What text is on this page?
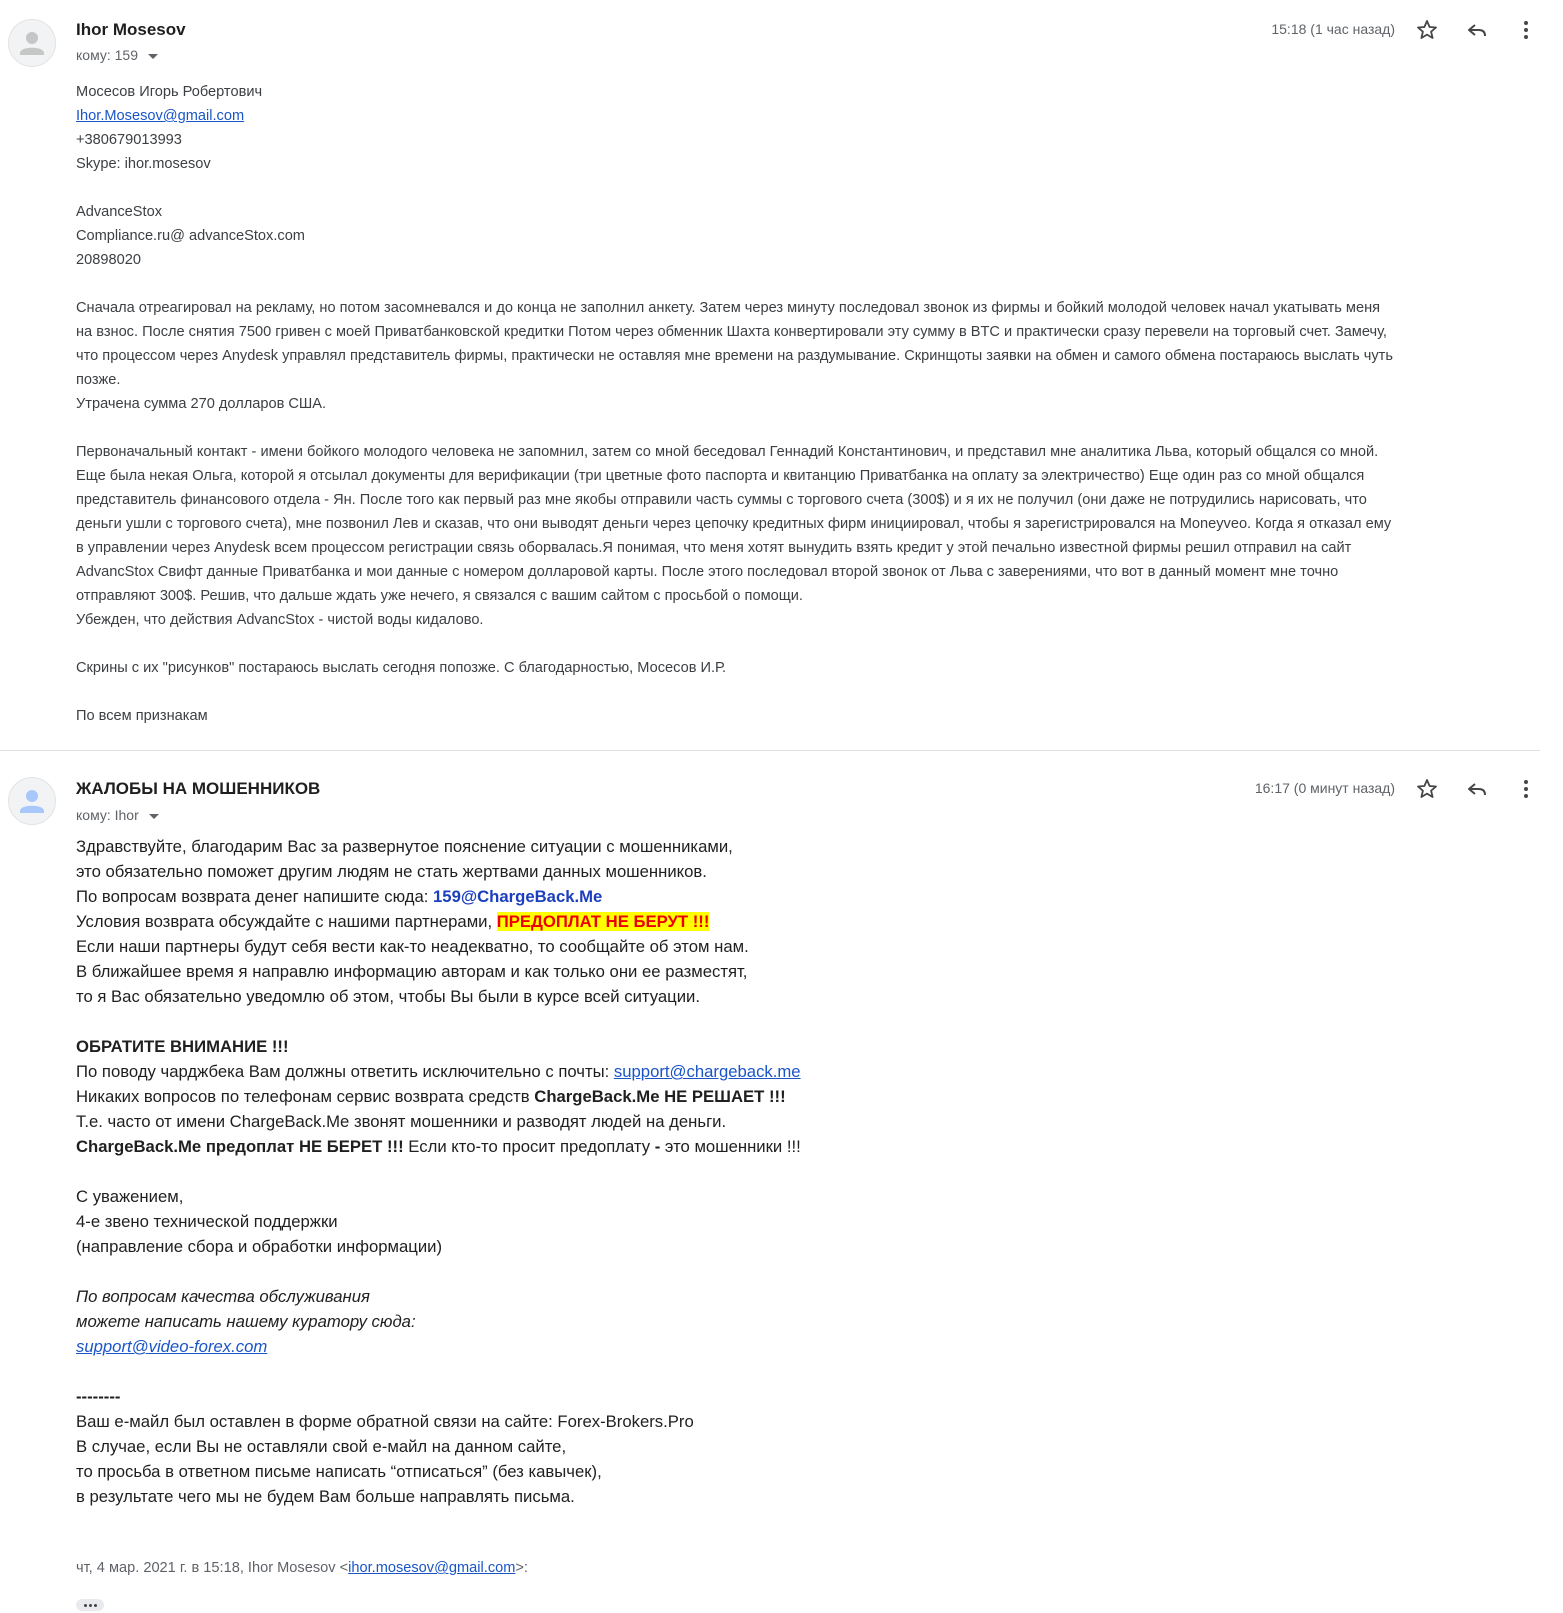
Ihor Mosesov
кому: 159
15:18 (1 час назад)

Мосесов Игорь Робертович

Ihor.Mosesov@gmail.com

+380679013993

Skype: ihor.mosesov

AdvanceStox

Compliance.ru@ advanceStox.com

20898020

Сначала отреагировал на рекламу, но потом засомневался и до конца не заполнил анкету. Затем через минуту последовал звонок из фирмы и бойкий молодой человек начал укатывать меня

на взнос. После снятия 7500 гривен с моей Приватбанковской кредитки Потом через обменник Шахта конвертировали эту сумму в BTC и практически сразу перевели на торговый счет. Замечу,

что процессом через Anydesk управлял представитель фирмы, практически не оставляя мне времени на раздумывание. Скринщоты заявки на обмен и самого обмена постараюсь выслать чуть

позже.

Утрачена сумма 270 долларов США.

Первоначальный контакт - имени бойкого молодого человека не запомнил, затем со мной беседовал Геннадий Константинович, и представил мне аналитика Льва, который общался со мной.

Еще была некая Ольга, которой я отсылал документы для верификации (три цветные фото паспорта и квитанцию Приватбанка на оплату за электричество) Еще один раз со мной общался

представитель финансового отдела - Ян. После того как первый раз мне якобы отправили часть суммы с торгового счета (300$) и я их не получил (они даже не потрудились нарисовать, что

деньги ушли с торгового счета), мне позвонил Лев и сказав, что они выводят деньги через цепочку кредитных фирм инициировал, чтобы я зарегистрировался на Moneyveo. Когда я отказал ему

в управлении через Anydesk всем процессом регистрации связь оборвалась.Я понимая, что меня хотят вынудить взять кредит у этой печально известной фирмы решил отправил на сайт

AdvancStox Свифт данные Приватбанка и мои данные с номером долларовой карты. После этого последовал второй звонок от Льва с заверениями, что вот в данный момент мне точно

отправляют 300$. Решив, что дальше ждать уже нечего, я связался с вашим сайтом с просьбой о помощи.

Убежден, что действия AdvancStox - чистой воды кидалово.

Скрины с их "рисунков" постараюсь выслать сегодня попозже. С благодарностью, Мосесов И.Р.

По всем признакам

ЖАЛОБЫ НА МОШЕННИКОВ
кому: Ihor
16:17 (0 минут назад)

Здравствуйте, благодарим Вас за развернутое пояснение ситуации с мошенниками,

это обязательно поможет другим людям не стать жертвами данных мошенников.

По вопросам возврата денег напишите сюда: 159@ChargeBack.Me

Условия возврата обсуждайте с нашими партнерами, ПРЕДОПЛАТ НЕ БЕРУТ !!!

Если наши партнеры будут себя вести как-то неадекватно, то сообщайте об этом нам.

В ближайшее время я направлю информацию авторам и как только они ее разместят,

то я Вас обязательно уведомлю об этом, чтобы Вы были в курсе всей ситуации.

ОБРАТИТЕ ВНИМАНИЕ !!!

По поводу чарджбека Вам должны ответить исключительно с почты: support@chargeback.me

Никаких вопросов по телефонам сервис возврата средств ChargeBack.Me НЕ РЕШАЕТ !!!

Т.е. часто от имени ChargeBack.Me звонят мошенники и разводят людей на деньги.

ChargeBack.Me предоплат НЕ БЕРЕТ !!! Если кто-то просит предоплату - это мошенники !!!

С уважением,

4-е звено технической поддержки

(направление сбора и обработки информации)

По вопросам качества обслуживания

можете написать нашему куратору сюда:

support@video-forex.com

--------

Ваш e-майл был оставлен в форме обратной связи на сайте: Forex-Brokers.Pro

В случае, если Вы не оставляли свой e-майл на данном сайте,

то просьба в ответном письме написать “отписаться” (без кавычек),

в результате чего мы не будем Вам больше направлять письма.

чт, 4 мар. 2021 г. в 15:18, Ihor Mosesov <ihor.mosesov@gmail.com>:
